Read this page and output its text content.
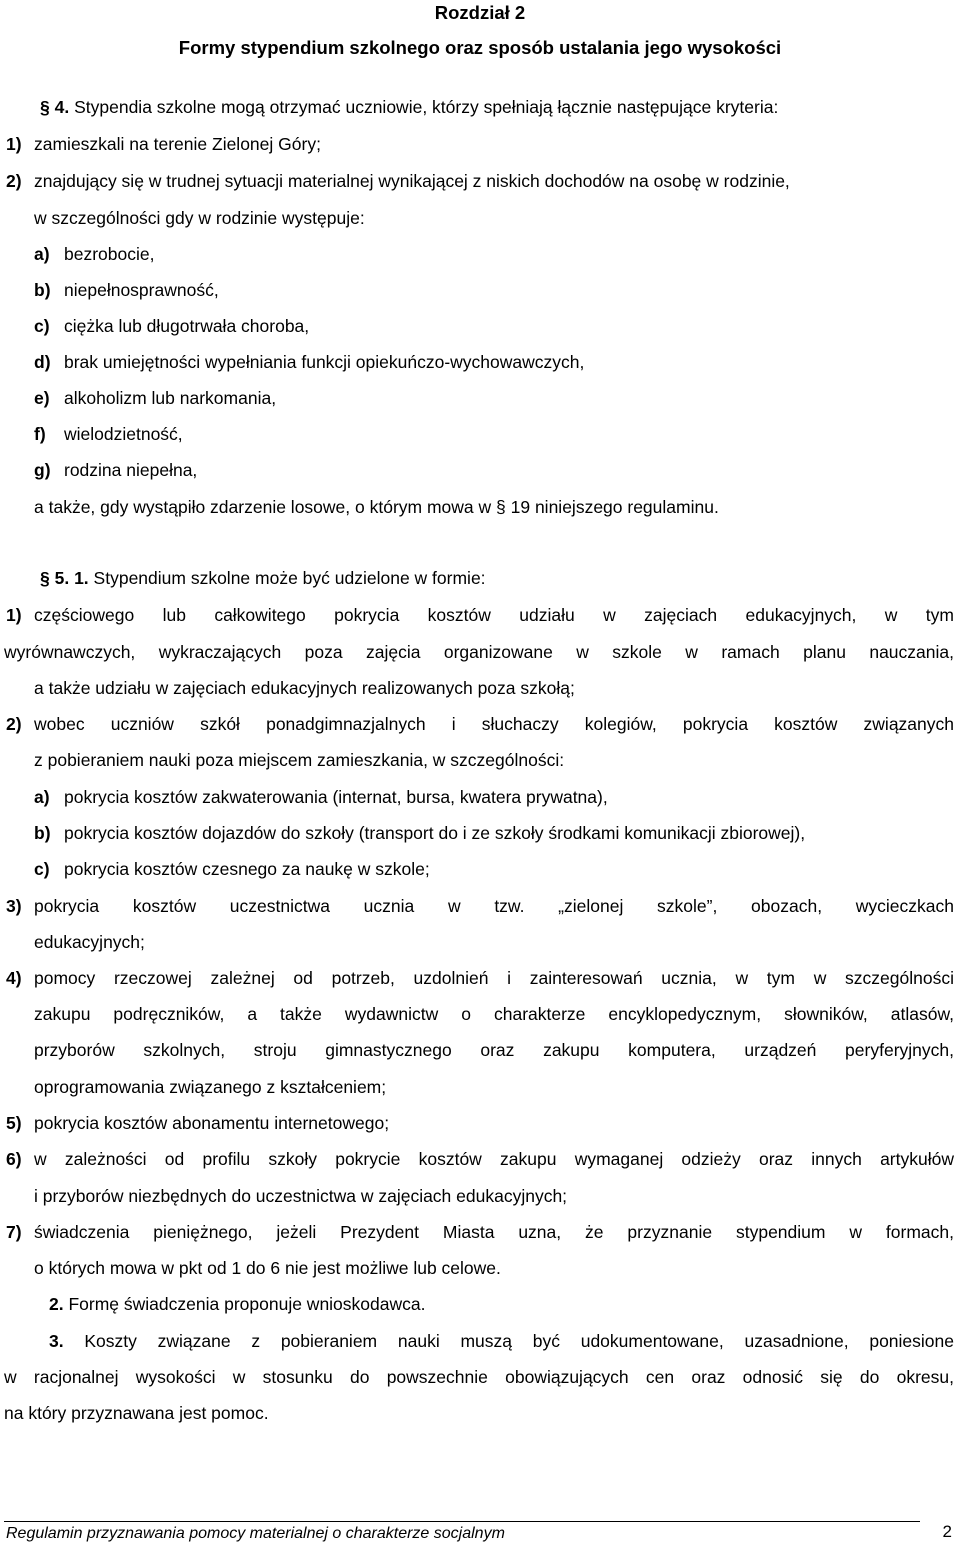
Rozdział 2
Formy stypendium szkolnego oraz sposób ustalania jego wysokości
§ 4. Stypendia szkolne mogą otrzymać uczniowie, którzy spełniają łącznie następujące kryteria:
1) zamieszkali na terenie Zielonej Góry;
2) znajdujący się w trudnej sytuacji materialnej wynikającej z niskich dochodów na osobę w rodzinie,
w szczególności gdy w rodzinie występuje:
a) bezrobocie,
b) niepełnosprawność,
c) ciężka lub długotrwała choroba,
d) brak umiejętności wypełniania funkcji opiekuńczo-wychowawczych,
e) alkoholizm lub narkomania,
f) wielodzietność,
g) rodzina niepełna,
a także, gdy wystąpiło zdarzenie losowe, o którym mowa w § 19 niniejszego regulaminu.
§ 5. 1. Stypendium szkolne może być udzielone w formie:
1) częściowego lub całkowitego pokrycia kosztów udziału w zajęciach edukacyjnych, w tym
wyrównawczych, wykraczających poza zajęcia organizowane w szkole w ramach planu nauczania,
a także udziału w zajęciach edukacyjnych realizowanych poza szkołą;
2) wobec uczniów szkół ponadgimnazjalnych i słuchaczy kolegiów, pokrycia kosztów związanych
z pobieraniem nauki poza miejscem zamieszkania, w szczególności:
a) pokrycia kosztów zakwaterowania (internat, bursa, kwatera prywatna),
b) pokrycia kosztów dojazdów do szkoły (transport do i ze szkoły środkami komunikacji zbiorowej),
c) pokrycia kosztów czesnego za naukę w szkole;
3) pokrycia kosztów uczestnictwa ucznia w tzw. „zielonej szkole”, obozach, wycieczkach
edukacyjnych;
4) pomocy rzeczowej zależnej od potrzeb, uzdolnień i zainteresowań ucznia, w tym w szczególności
zakupu podręczników, a także wydawnictw o charakterze encyklopedycznym, słowników, atlasów,
przyborów szkolnych, stroju gimnastycznego oraz zakupu komputera, urządzeń peryferyjnych,
oprogramowania związanego z kształceniem;
5) pokrycia kosztów abonamentu internetowego;
6) w zależności od profilu szkoły pokrycie kosztów zakupu wymaganej odzieży oraz innych artykułów
i przyborów niezbędnych do uczestnictwa w zajęciach edukacyjnych;
7) świadczenia pieniężnego, jeżeli Prezydent Miasta uzna, że przyznanie stypendium w formach,
o których mowa w pkt od 1 do 6 nie jest możliwe lub celowe.
2. Formę świadczenia proponuje wnioskodawca.
3. Koszty związane z pobieraniem nauki muszą być udokumentowane, uzasadnione, poniesione
w racjonalnej wysokości w stosunku do powszechnie obowiązujących cen oraz odnosić się do okresu,
na który przyznawana jest pomoc.
Regulamin przyznawania pomocy materialnej o charakterze socjalnym	2
